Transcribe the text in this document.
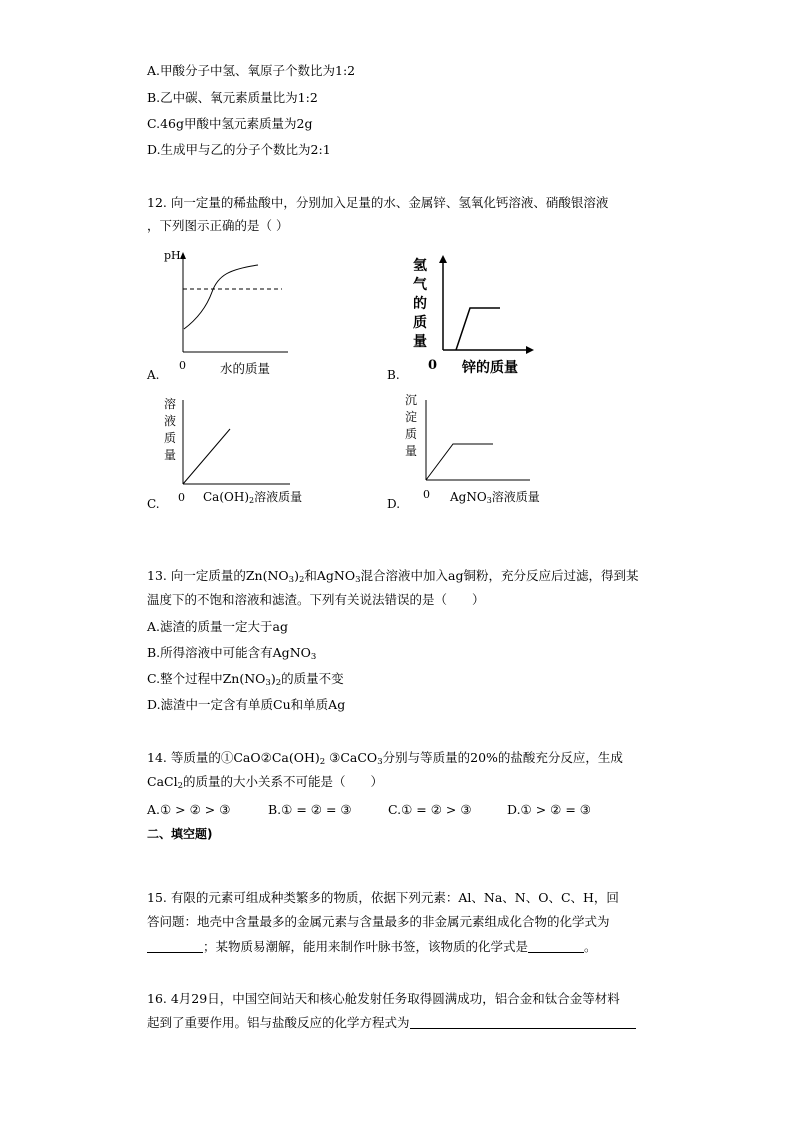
A.甲酸分子中氢、氧原子个数比为1:2
B.乙中碳、氧元素质量比为1:2
C.46g甲酸中氢元素质量为2g
D.生成甲与乙的分子个数比为2:1
12. 向一定量的稀盐酸中，分别加入足量的水、金属锌、氢氧化钙溶液、硝酸银溶液
，下列图示正确的是（ ）
A.
pH
0	水的质量	B.
氢
气
的
质
量
0 锌的质量
C.
溶
液
质
量
0 Ca(OH)2溶液质量	D.
沉
淀
质
量
0 AgNO3溶液质量
13. 向一定质量的$Zn(NO_3)_2$和AgNO$_3$混合溶液中加入ag铜粉，充分反应后过滤，得到某
温度下的不饱和溶液和滤渣。下列有关说法错误的是（　　）
A.滤渣的质量一定大于ag
B.所得溶液中可能含有AgNO$_3$
C.整个过程中$Zn(NO_3)_2$的质量不变
D.滤渣中一定含有单质Cu和单质Ag
14. 等质量的$①CaO②Ca(OH)_2$ ③CaCO$_3$分别与等质量的20%的盐酸充分反应，生成
CaCl$_2$的质量的大小关系不可能是（　　）
A.① > ② > ③	B.① = ② = ③	C.① = ② > ③	D.① > ② = ③
二、填空题)
15. 有限的元素可组成种类繁多的物质，依据下列元素：Al、Na、N、O、C、H，回
答问题：地壳中含量最多的金属元素与含量最多的非金属元素组成化合物的化学式为
；某物质易潮解，能用来制作叶脉书签，该物质的化学式是	。
16. 4月29日，中国空间站天和核心舱发射任务取得圆满成功，铝合金和钛合金等材料
起到了重要作用。铝与盐酸反应的化学方程式为
